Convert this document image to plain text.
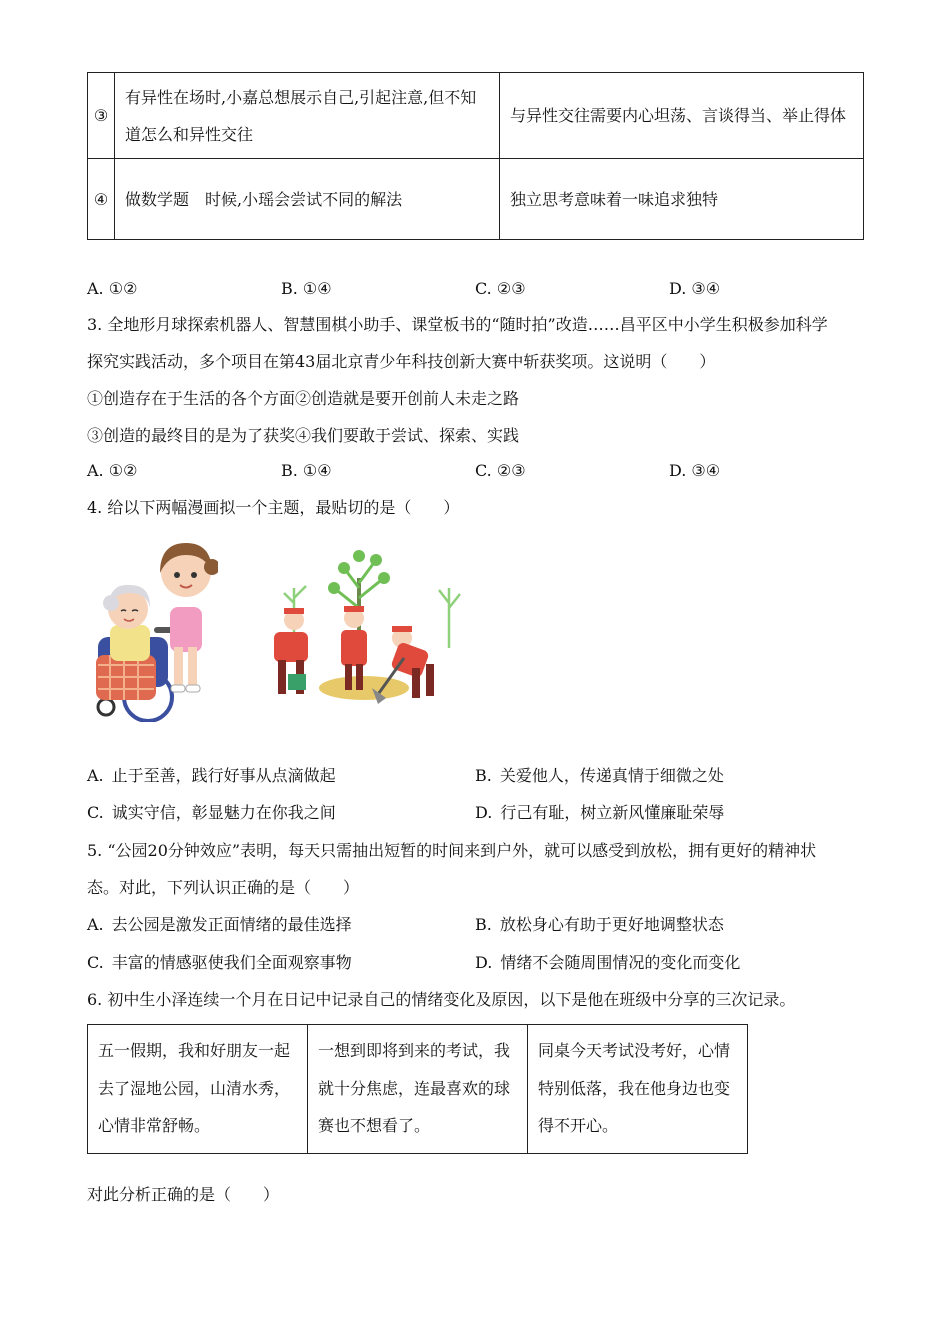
③	有异性在场时,小嘉总想展示自己,引起注意,但不知道怎么和异性交往	与异性交往需要内心坦荡、言谈得当、举止得体
④	做数学题　时候,小瑶会尝试不同的解法	独立思考意味着一味追求独特
A. ①②	B. ①④	C. ②③	D. ③④
3. 全地形月球探索机器人、智慧围棋小助手、课堂板书的“随时拍”改造……昌平区中小学生积极参加科学
探究实践活动，多个项目在第43届北京青少年科技创新大赛中斩获奖项。这说明（　　）
①创造存在于生活的各个方面②创造就是要开创前人未走之路
③创造的最终目的是为了获奖④我们要敢于尝试、探索、实践
A. ①②	B. ①④	C. ②③	D. ③④
4. 给以下两幅漫画拟一个主题，最贴切的是（　　）
A. 止于至善，践行好事从点滴做起	B. 关爱他人，传递真情于细微之处
C. 诚实守信，彰显魅力在你我之间	D. 行己有耻，树立新风懂廉耻荣辱
5. “公园20分钟效应”表明，每天只需抽出短暂的时间来到户外，就可以感受到放松，拥有更好的精神状
态。对此，下列认识正确的是（　　）
A. 去公园是激发正面情绪的最佳选择	B. 放松身心有助于更好地调整状态
C. 丰富的情感驱使我们全面观察事物	D. 情绪不会随周围情况的变化而变化
6. 初中生小泽连续一个月在日记中记录自己的情绪变化及原因，以下是他在班级中分享的三次记录。
五一假期，我和好朋友一起去了湿地公园，山清水秀，心情非常舒畅。	一想到即将到来的考试，我就十分焦虑，连最喜欢的球赛也不想看了。	同桌今天考试没考好，心情特别低落，我在他身边也变得不开心。
对此分析正确的是（　　）
